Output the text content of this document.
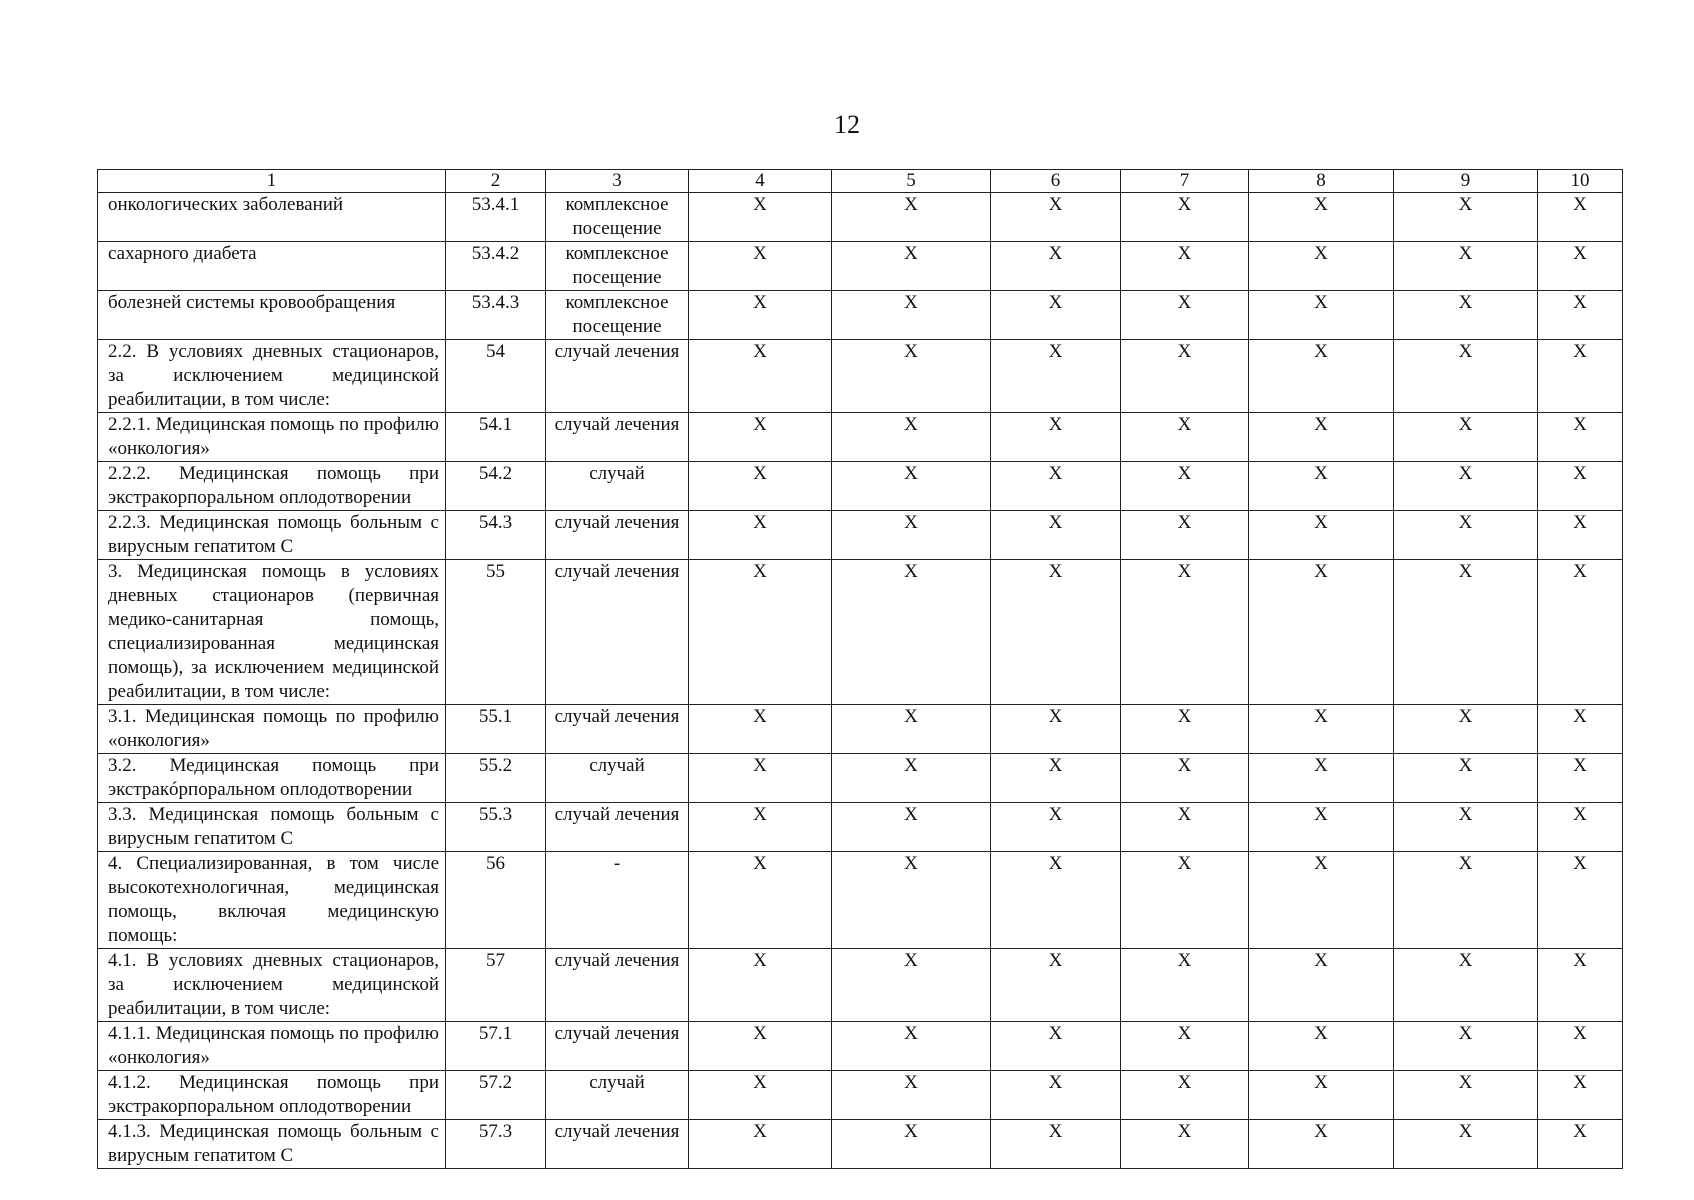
12
1	2	3	4	5	6	7	8	9	10
онкологических заболеваний	53.4.1	комплексное посещение	Х	Х	Х	Х	Х	Х	Х
сахарного диабета	53.4.2	комплексное посещение	Х	Х	Х	Х	Х	Х	Х
болезней системы кровообращения	53.4.3	комплексное посещение	Х	Х	Х	Х	Х	Х	Х
2.2. В условиях дневных стационаров, за исключением медицинской реабилитации, в том числе:	54	случай лечения	Х	Х	Х	Х	Х	Х	Х
2.2.1. Медицинская помощь по профилю «онкология»	54.1	случай лечения	Х	Х	Х	Х	Х	Х	Х
2.2.2. Медицинская помощь при экстракорпоральном оплодотворении	54.2	случай	Х	Х	Х	Х	Х	Х	Х
2.2.3. Медицинская помощь больным с вирусным гепатитом С	54.3	случай лечения	Х	Х	Х	Х	Х	Х	Х
3. Медицинская помощь в условиях дневных стационаров (первичная медико-санитарная помощь, специализированная медицинская помощь), за исключением медицинской реабилитации, в том числе:	55	случай лечения	Х	Х	Х	Х	Х	Х	Х
3.1. Медицинская помощь по профилю «онкология»	55.1	случай лечения	Х	Х	Х	Х	Х	Х	Х
3.2. Медицинская помощь при экстракóрпоральном оплодотворении	55.2	случай	Х	Х	Х	Х	Х	Х	Х
3.3. Медицинская помощь больным с вирусным гепатитом С	55.3	случай лечения	Х	Х	Х	Х	Х	Х	Х
4. Специализированная, в том числе высокотехнологичная, медицинская помощь, включая медицинскую помощь:	56	-	Х	Х	Х	Х	Х	Х	Х
4.1. В условиях дневных стационаров, за исключением медицинской реабилитации, в том числе:	57	случай лечения	Х	Х	Х	Х	Х	Х	Х
4.1.1. Медицинская помощь по профилю «онкология»	57.1	случай лечения	Х	Х	Х	Х	Х	Х	Х
4.1.2. Медицинская помощь при экстракорпоральном оплодотворении	57.2	случай	Х	Х	Х	Х	Х	Х	Х
4.1.3. Медицинская помощь больным с вирусным гепатитом С	57.3	случай лечения	Х	Х	Х	Х	Х	Х	Х
